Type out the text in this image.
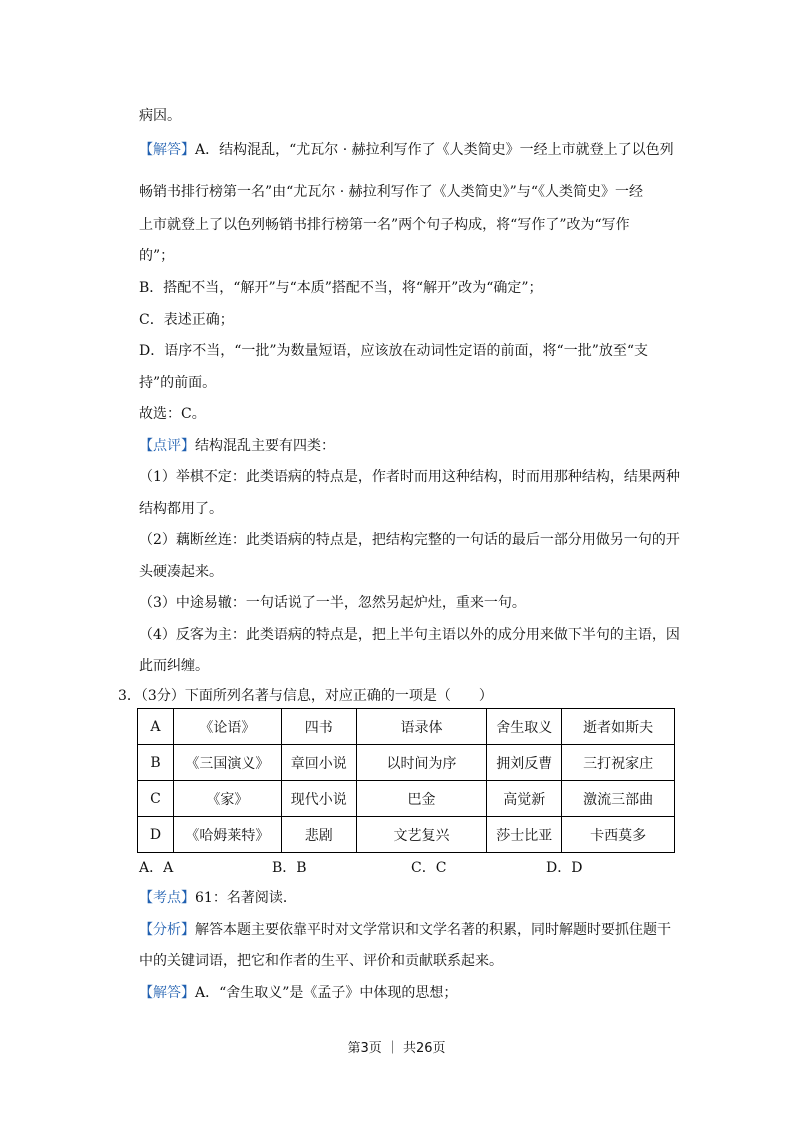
病因。
【解答】A．结构混乱，“尤瓦尔 · 赫拉利写作了《人类简史》一经上市就登上了以色列
畅销书排行榜第一名”由“尤瓦尔 · 赫拉利写作了《人类简史》”与“《人类简史》一经
上市就登上了以色列畅销书排行榜第一名”两个句子构成，将“写作了”改为“写作
的”；
B．搭配不当，“解开”与“本质”搭配不当，将“解开”改为“确定”；
C．表述正确；
D．语序不当，“一批”为数量短语，应该放在动词性定语的前面，将“一批”放至“支
持”的前面。
故选：C。
【点评】结构混乱主要有四类：
（1）举棋不定：此类语病的特点是，作者时而用这种结构，时而用那种结构，结果两种
结构都用了。
（2）藕断丝连：此类语病的特点是，把结构完整的一句话的最后一部分用做另一句的开
头硬凑起来。
（3）中途易辙：一句话说了一半，忽然另起炉灶，重来一句。
（4）反客为主：此类语病的特点是，把上半句主语以外的成分用来做下半句的主语，因
此而纠缠。
3．（3分）下面所列名著与信息，对应正确的一项是（　　）
A	《论语》	四书	语录体	舍生取义	逝者如斯夫
B	《三国演义》	章回小说	以时间为序	拥刘反曹	三打祝家庄
C	《家》	现代小说	巴金	高觉新	激流三部曲
D	《哈姆莱特》	悲剧	文艺复兴	莎士比亚	卡西莫多
A．A	B．B	C．C	D．D
【考点】61：名著阅读．
【分析】解答本题主要依靠平时对文学常识和文学名著的积累，同时解题时要抓住题干
中的关键词语，把它和作者的生平、评价和贡献联系起来。
【解答】A．“舍生取义”是《孟子》中体现的思想；
第3页 ｜ 共26页
